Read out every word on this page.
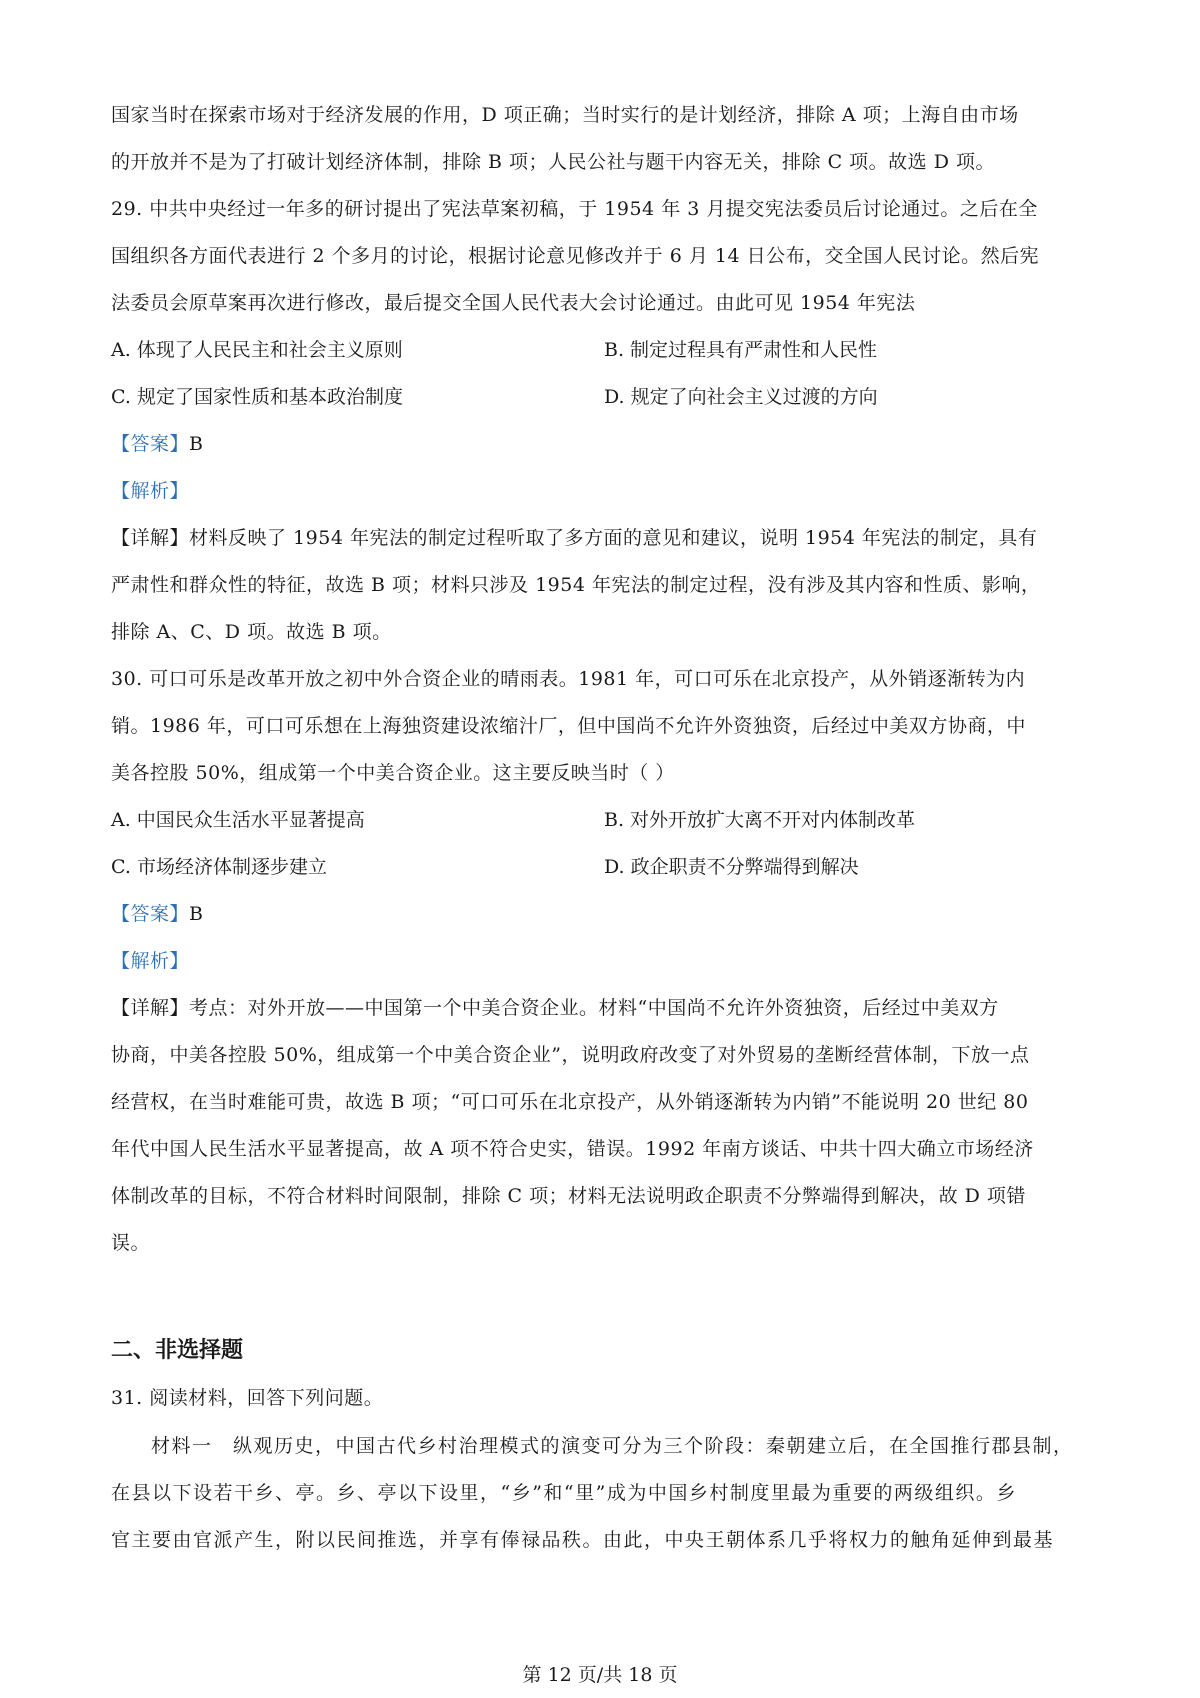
国家当时在探索市场对于经济发展的作用，D 项正确；当时实行的是计划经济，排除 A 项；上海自由市场
的开放并不是为了打破计划经济体制，排除 B 项；人民公社与题干内容无关，排除 C 项。故选 D 项。
29. 中共中央经过一年多的研讨提出了宪法草案初稿，于 1954 年 3 月提交宪法委员后讨论通过。之后在全
国组织各方面代表进行 2 个多月的讨论，根据讨论意见修改并于 6 月 14 日公布，交全国人民讨论。然后宪
法委员会原草案再次进行修改，最后提交全国人民代表大会讨论通过。由此可见 1954 年宪法
A. 体现了人民民主和社会主义原则	B. 制定过程具有严肃性和人民性
C. 规定了国家性质和基本政治制度	D. 规定了向社会主义过渡的方向
【答案】B
【解析】
【详解】材料反映了 1954 年宪法的制定过程听取了多方面的意见和建议，说明 1954 年宪法的制定，具有
严肃性和群众性的特征，故选 B 项；材料只涉及 1954 年宪法的制定过程，没有涉及其内容和性质、影响，
排除 A、C、D 项。故选 B 项。
30. 可口可乐是改革开放之初中外合资企业的晴雨表。1981 年，可口可乐在北京投产，从外销逐渐转为内
销。1986 年，可口可乐想在上海独资建设浓缩汁厂，但中国尚不允许外资独资，后经过中美双方协商，中
美各控股 50%，组成第一个中美合资企业。这主要反映当时（ ）
A. 中国民众生活水平显著提高	B. 对外开放扩大离不开对内体制改革
C. 市场经济体制逐步建立	D. 政企职责不分弊端得到解决
【答案】B
【解析】
【详解】考点：对外开放——中国第一个中美合资企业。材料“中国尚不允许外资独资，后经过中美双方
协商，中美各控股 50%，组成第一个中美合资企业”，说明政府改变了对外贸易的垄断经营体制，下放一点
经营权，在当时难能可贵，故选 B 项；“可口可乐在北京投产，从外销逐渐转为内销”不能说明 20 世纪 80
年代中国人民生活水平显著提高，故 A 项不符合史实，错误。1992 年南方谈话、中共十四大确立市场经济
体制改革的目标，不符合材料时间限制，排除 C 项；材料无法说明政企职责不分弊端得到解决，故 D 项错
误。
二、非选择题
31. 阅读材料，回答下列问题。
材料一　纵观历史，中国古代乡村治理模式的演变可分为三个阶段：秦朝建立后，在全国推行郡县制，
在县以下设若干乡、亭。乡、亭以下设里，“乡”和“里”成为中国乡村制度里最为重要的两级组织。乡
官主要由官派产生，附以民间推选，并享有俸禄品秩。由此，中央王朝体系几乎将权力的触角延伸到最基
第 12 页/共 18 页
